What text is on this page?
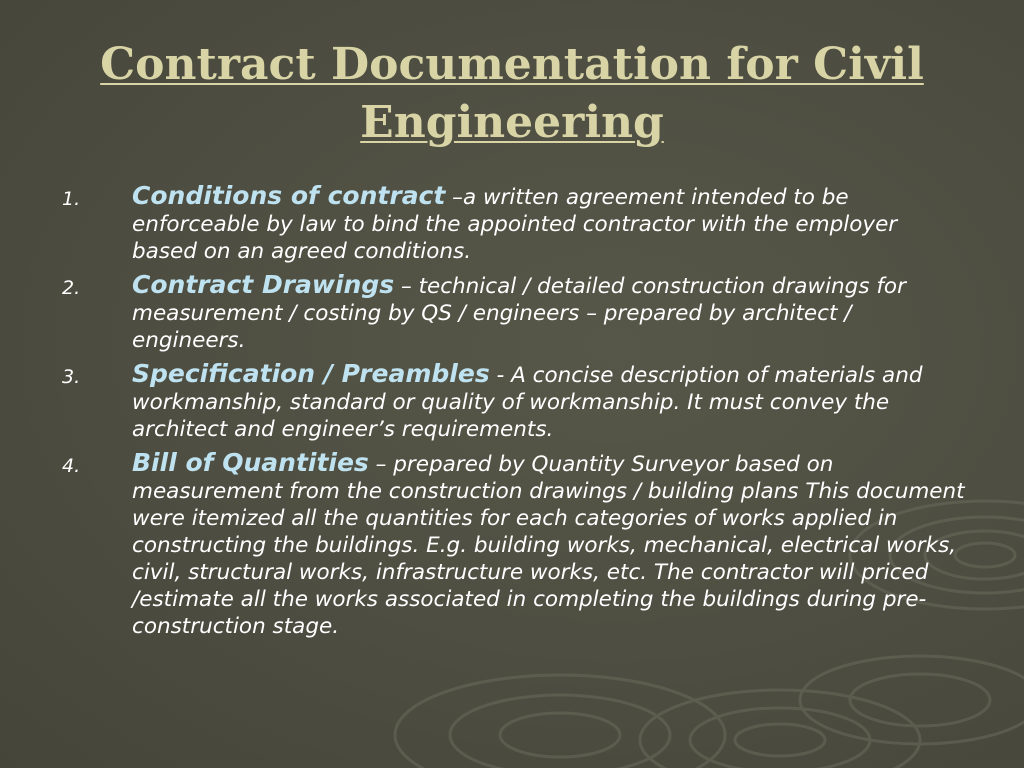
Contract Documentation for Civil
Engineering
1. Conditions of contract –a written agreement intended to be enforceable by law to bind the appointed contractor with the employer based on an agreed conditions.
2. Contract Drawings – technical / detailed construction drawings for measurement / costing by QS / engineers – prepared by architect / engineers.
3. Specification / Preambles - A concise description of materials and workmanship, standard or quality of workmanship. It must convey the architect and engineer’s requirements.
4. Bill of Quantities – prepared by Quantity Surveyor based on measurement from the construction drawings / building plans This document were itemized all the quantities for each categories of works applied in constructing the buildings. E.g. building works, mechanical, electrical works, civil, structural works, infrastructure works, etc. The contractor will priced /estimate all the works associated in completing the buildings during pre-construction stage.
